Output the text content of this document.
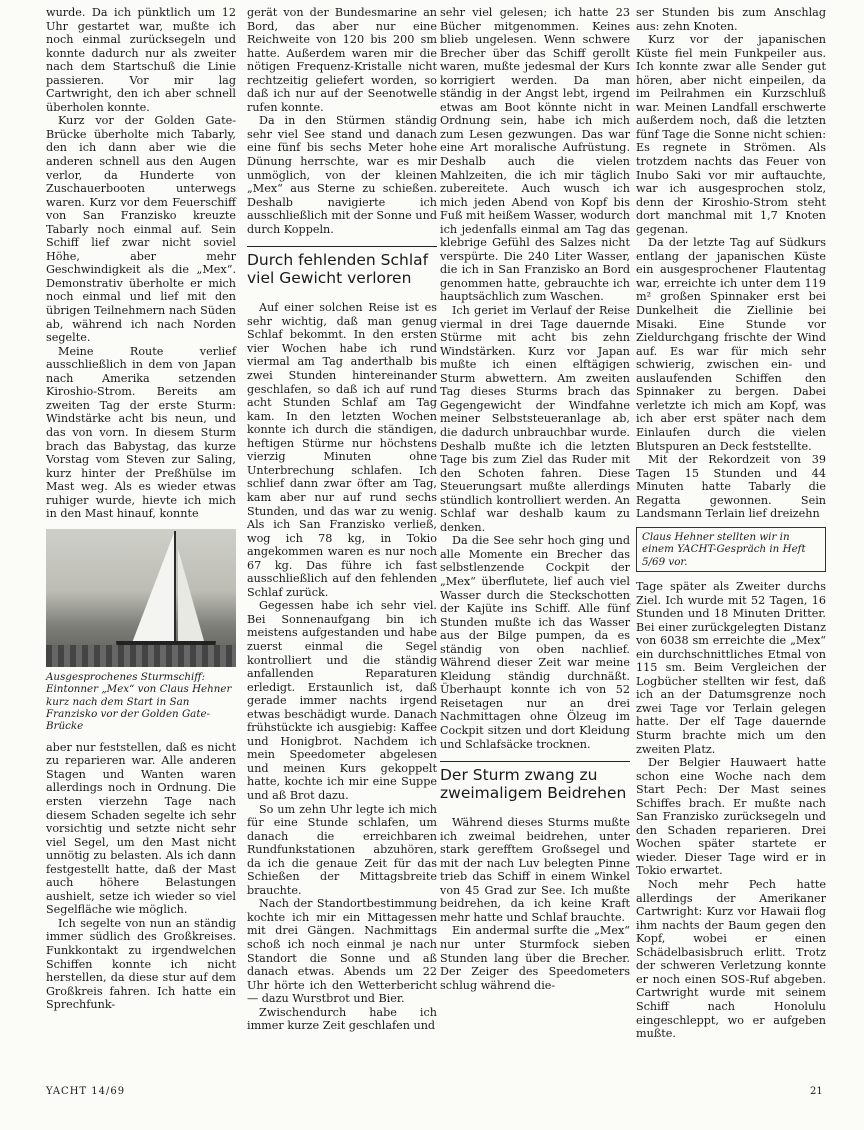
wurde. Da ich pünktlich um 12 Uhr gestartet war, mußte ich noch einmal zurücksegeln und konnte dadurch nur als zweiter nach dem Startschuß die Linie passieren. Vor mir lag Cartwright, den ich aber schnell überholen konnte.

Kurz vor der Golden Gate-Brücke überholte mich Tabarly, den ich dann aber wie die anderen schnell aus den Augen verlor, da Hunderte von Zuschauerbooten unterwegs waren. Kurz vor dem Feuerschiff von San Franzisko kreuzte Tabarly noch einmal auf. Sein Schiff lief zwar nicht soviel Höhe, aber mehr Geschwindigkeit als die „Mex“. Demonstrativ überholte er mich noch einmal und lief mit den übrigen Teilnehmern nach Süden ab, während ich nach Norden segelte.

Meine Route verlief ausschließlich in dem von Japan nach Amerika setzenden Kiroshio-Strom. Bereits am zweiten Tag der erste Sturm: Windstärke acht bis neun, und das von vorn. In diesem Sturm brach das Babystag, das kurze Vorstag vom Steven zur Saling, kurz hinter der Preßhülse im Mast weg. Als es wieder etwas ruhiger wurde, hievte ich mich in den Mast hinauf, konnte

Ausgesprochenes Sturmschiff: Eintonner „Mex“ von Claus Hehner kurz nach dem Start in San Franzisko vor der Golden Gate-Brücke

aber nur feststellen, daß es nicht zu reparieren war. Alle anderen Stagen und Wanten waren allerdings noch in Ordnung. Die ersten vierzehn Tage nach diesem Schaden segelte ich sehr vorsichtig und setzte nicht sehr viel Segel, um den Mast nicht unnötig zu belasten. Als ich dann festgestellt hatte, daß der Mast auch höhere Belastungen aushielt, setze ich wieder so viel Segelfläche wie möglich.

Ich segelte von nun an ständig immer südlich des Großkreises. Funkkontakt zu irgendwelchen Schiffen konnte ich nicht herstellen, da diese stur auf dem Großkreis fahren. Ich hatte ein Sprechfunk-

gerät von der Bundesmarine an Bord, das aber nur eine Reichweite von 120 bis 200 sm hatte. Außerdem waren mir die nötigen Frequenz-Kristalle nicht rechtzeitig geliefert worden, so daß ich nur auf der Seenotwelle rufen konnte.

Da in den Stürmen ständig sehr viel See stand und danach eine fünf bis sechs Meter hohe Dünung herrschte, war es mir unmöglich, von der kleinen „Mex“ aus Sterne zu schießen. Deshalb navigierte ich ausschließlich mit der Sonne und durch Koppeln.

Durch fehlenden Schlaf viel Gewicht verloren

Auf einer solchen Reise ist es sehr wichtig, daß man genug Schlaf bekommt. In den ersten vier Wochen habe ich rund viermal am Tag anderthalb bis zwei Stunden hintereinander geschlafen, so daß ich auf rund acht Stunden Schlaf am Tag kam. In den letzten Wochen konnte ich durch die ständigen, heftigen Stürme nur höchstens vierzig Minuten ohne Unterbrechung schlafen. Ich schlief dann zwar öfter am Tag, kam aber nur auf rund sechs Stunden, und das war zu wenig. Als ich San Franzisko verließ, wog ich 78 kg, in Tokio angekommen waren es nur noch 67 kg. Das führe ich fast ausschließlich auf den fehlenden Schlaf zurück.

Gegessen habe ich sehr viel. Bei Sonnenaufgang bin ich meistens aufgestanden und habe zuerst einmal die Segel kontrolliert und die ständig anfallenden Reparaturen erledigt. Erstaunlich ist, daß gerade immer nachts irgend etwas beschädigt wurde. Danach frühstückte ich ausgiebig: Kaffee und Honigbrot. Nachdem ich mein Speedometer abgelesen und meinen Kurs gekoppelt hatte, kochte ich mir eine Suppe und aß Brot dazu.

So um zehn Uhr legte ich mich für eine Stunde schlafen, um danach die erreichbaren Rundfunkstationen abzuhören, da ich die genaue Zeit für das Schießen der Mittagsbreite brauchte.

Nach der Standortbestimmung kochte ich mir ein Mittagessen mit drei Gängen. Nachmittags schoß ich noch einmal je nach Standort die Sonne und aß danach etwas. Abends um 22 Uhr hörte ich den Wetterbericht — dazu Wurstbrot und Bier.

Zwischendurch habe ich immer kurze Zeit geschlafen und

sehr viel gelesen; ich hatte 23 Bücher mitgenommen. Keines blieb ungelesen. Wenn schwere Brecher über das Schiff gerollt waren, mußte jedesmal der Kurs korrigiert werden. Da man ständig in der Angst lebt, irgend etwas am Boot könnte nicht in Ordnung sein, habe ich mich zum Lesen gezwungen. Das war eine Art moralische Aufrüstung. Deshalb auch die vielen Mahlzeiten, die ich mir täglich zubereitete. Auch wusch ich mich jeden Abend von Kopf bis Fuß mit heißem Wasser, wodurch ich jedenfalls einmal am Tag das klebrige Gefühl des Salzes nicht verspürte. Die 240 Liter Wasser, die ich in San Franzisko an Bord genommen hatte, gebrauchte ich hauptsächlich zum Waschen.

Ich geriet im Verlauf der Reise viermal in drei Tage dauernde Stürme mit acht bis zehn Windstärken. Kurz vor Japan mußte ich einen elftägigen Sturm abwettern. Am zweiten Tag dieses Sturms brach das Gegengewicht der Windfahne meiner Selbststeueranlage ab, die dadurch unbrauchbar wurde. Deshalb mußte ich die letzten Tage bis zum Ziel das Ruder mit den Schoten fahren. Diese Steuerungsart mußte allerdings stündlich kontrolliert werden. An Schlaf war deshalb kaum zu denken.

Da die See sehr hoch ging und alle Momente ein Brecher das selbstlenzende Cockpit der „Mex“ überflutete, lief auch viel Wasser durch die Steckschotten der Kajüte ins Schiff. Alle fünf Stunden mußte ich das Wasser aus der Bilge pumpen, da es ständig von oben nachlief. Während dieser Zeit war meine Kleidung ständig durchnäßt. Überhaupt konnte ich von 52 Reisetagen nur an drei Nachmittagen ohne Ölzeug im Cockpit sitzen und dort Kleidung und Schlafsäcke trocknen.

Der Sturm zwang zu zweimaligem Beidrehen

Während dieses Sturms mußte ich zweimal beidrehen, unter stark gerefftem Großsegel und mit der nach Luv belegten Pinne trieb das Schiff in einem Winkel von 45 Grad zur See. Ich mußte beidrehen, da ich keine Kraft mehr hatte und Schlaf brauchte.

Ein andermal surfte die „Mex“ nur unter Sturmfock sieben Stunden lang über die Brecher. Der Zeiger des Speedometers schlug während die-

ser Stunden bis zum Anschlag aus: zehn Knoten.

Kurz vor der japanischen Küste fiel mein Funkpeiler aus. Ich konnte zwar alle Sender gut hören, aber nicht einpeilen, da im Peilrahmen ein Kurzschluß war. Meinen Landfall erschwerte außerdem noch, daß die letzten fünf Tage die Sonne nicht schien: Es regnete in Strömen. Als trotzdem nachts das Feuer von Inubo Saki vor mir auftauchte, war ich ausgesprochen stolz, denn der Kiroshio-Strom steht dort manchmal mit 1,7 Knoten gegenan.

Da der letzte Tag auf Südkurs entlang der japanischen Küste ein ausgesprochener Flautentag war, erreichte ich unter dem 119 m² großen Spinnaker erst bei Dunkelheit die Ziellinie bei Misaki. Eine Stunde vor Zieldurchgang frischte der Wind auf. Es war für mich sehr schwierig, zwischen ein- und auslaufenden Schiffen den Spinnaker zu bergen. Dabei verletzte ich mich am Kopf, was ich aber erst später nach dem Einlaufen durch die vielen Blutspuren an Deck feststellte.

Mit der Rekordzeit von 39 Tagen 15 Stunden und 44 Minuten hatte Tabarly die Regatta gewonnen. Sein Landsmann Terlain lief dreizehn

Claus Hehner stellten wir in einem YACHT-Gespräch in Heft 5/69 vor.

Tage später als Zweiter durchs Ziel. Ich wurde mit 52 Tagen, 16 Stunden und 18 Minuten Dritter. Bei einer zurückgelegten Distanz von 6038 sm erreichte die „Mex“ ein durchschnittliches Etmal von 115 sm. Beim Vergleichen der Logbücher stellten wir fest, daß ich an der Datumsgrenze noch zwei Tage vor Terlain gelegen hatte. Der elf Tage dauernde Sturm brachte mich um den zweiten Platz.

Der Belgier Hauwaert hatte schon eine Woche nach dem Start Pech: Der Mast seines Schiffes brach. Er mußte nach San Franzisko zurücksegeln und den Schaden reparieren. Drei Wochen später startete er wieder. Dieser Tage wird er in Tokio erwartet.

Noch mehr Pech hatte allerdings der Amerikaner Cartwright: Kurz vor Hawaii flog ihm nachts der Baum gegen den Kopf, wobei er einen Schädelbasisbruch erlitt. Trotz der schweren Verletzung konnte er noch einen SOS-Ruf abgeben. Cartwright wurde mit seinem Schiff nach Honolulu eingeschleppt, wo er aufgeben mußte.

YACHT 14/69	21
